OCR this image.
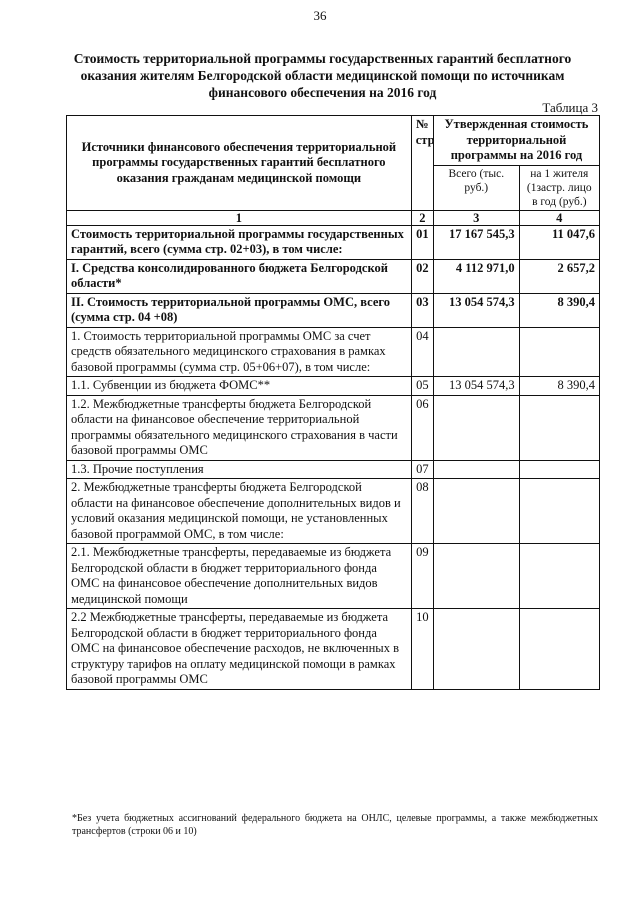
36
Стоимость территориальной программы государственных гарантий бесплатного оказания жителям Белгородской области медицинской помощи по источникам финансового обеспечения на 2016 год
Таблица 3
Источники финансового обеспечения территориальной программы государственных гарантий бесплатного оказания гражданам медицинской помощи	№ стр	Утвержденная стоимость территориальной программы на 2016 год	
		Всего (тыс. руб.)	на 1 жителя (1застр. лицо в год (руб.)
1	2	3	4
Стоимость территориальной программы государственных гарантий, всего (сумма стр. 02+03), в том числе:	01	17 167 545,3	11 047,6
I. Средства консолидированного бюджета Белгородской области*	02	4 112 971,0	2 657,2
II. Стоимость территориальной программы ОМС, всего (сумма стр. 04 +08)	03	13 054 574,3	8 390,4
1. Стоимость территориальной программы ОМС за счет средств обязательного медицинского страхования в рамках базовой программы (сумма стр. 05+06+07), в том числе:	04		
1.1. Субвенции из бюджета ФОМС**	05	13 054 574,3	8 390,4
1.2. Межбюджетные трансферты бюджета Белгородской области на финансовое обеспечение территориальной программы обязательного медицинского страхования в части базовой программы ОМС	06		
1.3. Прочие поступления	07		
2. Межбюджетные трансферты бюджета Белгородской области на финансовое обеспечение дополнительных видов и условий оказания медицинской помощи, не установленных базовой программой ОМС, в том числе:	08		
2.1. Межбюджетные трансферты, передаваемые из бюджета Белгородской области в бюджет территориального фонда ОМС на финансовое обеспечение дополнительных видов медицинской помощи	09		
2.2 Межбюджетные трансферты, передаваемые из бюджета Белгородской области в бюджет территориального фонда ОМС на финансовое обеспечение расходов, не включенных в структуру тарифов на оплату медицинской помощи в рамках базовой программы ОМС	10		
*Без учета бюджетных ассигнований федерального бюджета на ОНЛС, целевые программы, а также межбюджетных трансфертов (строки 06 и 10)
